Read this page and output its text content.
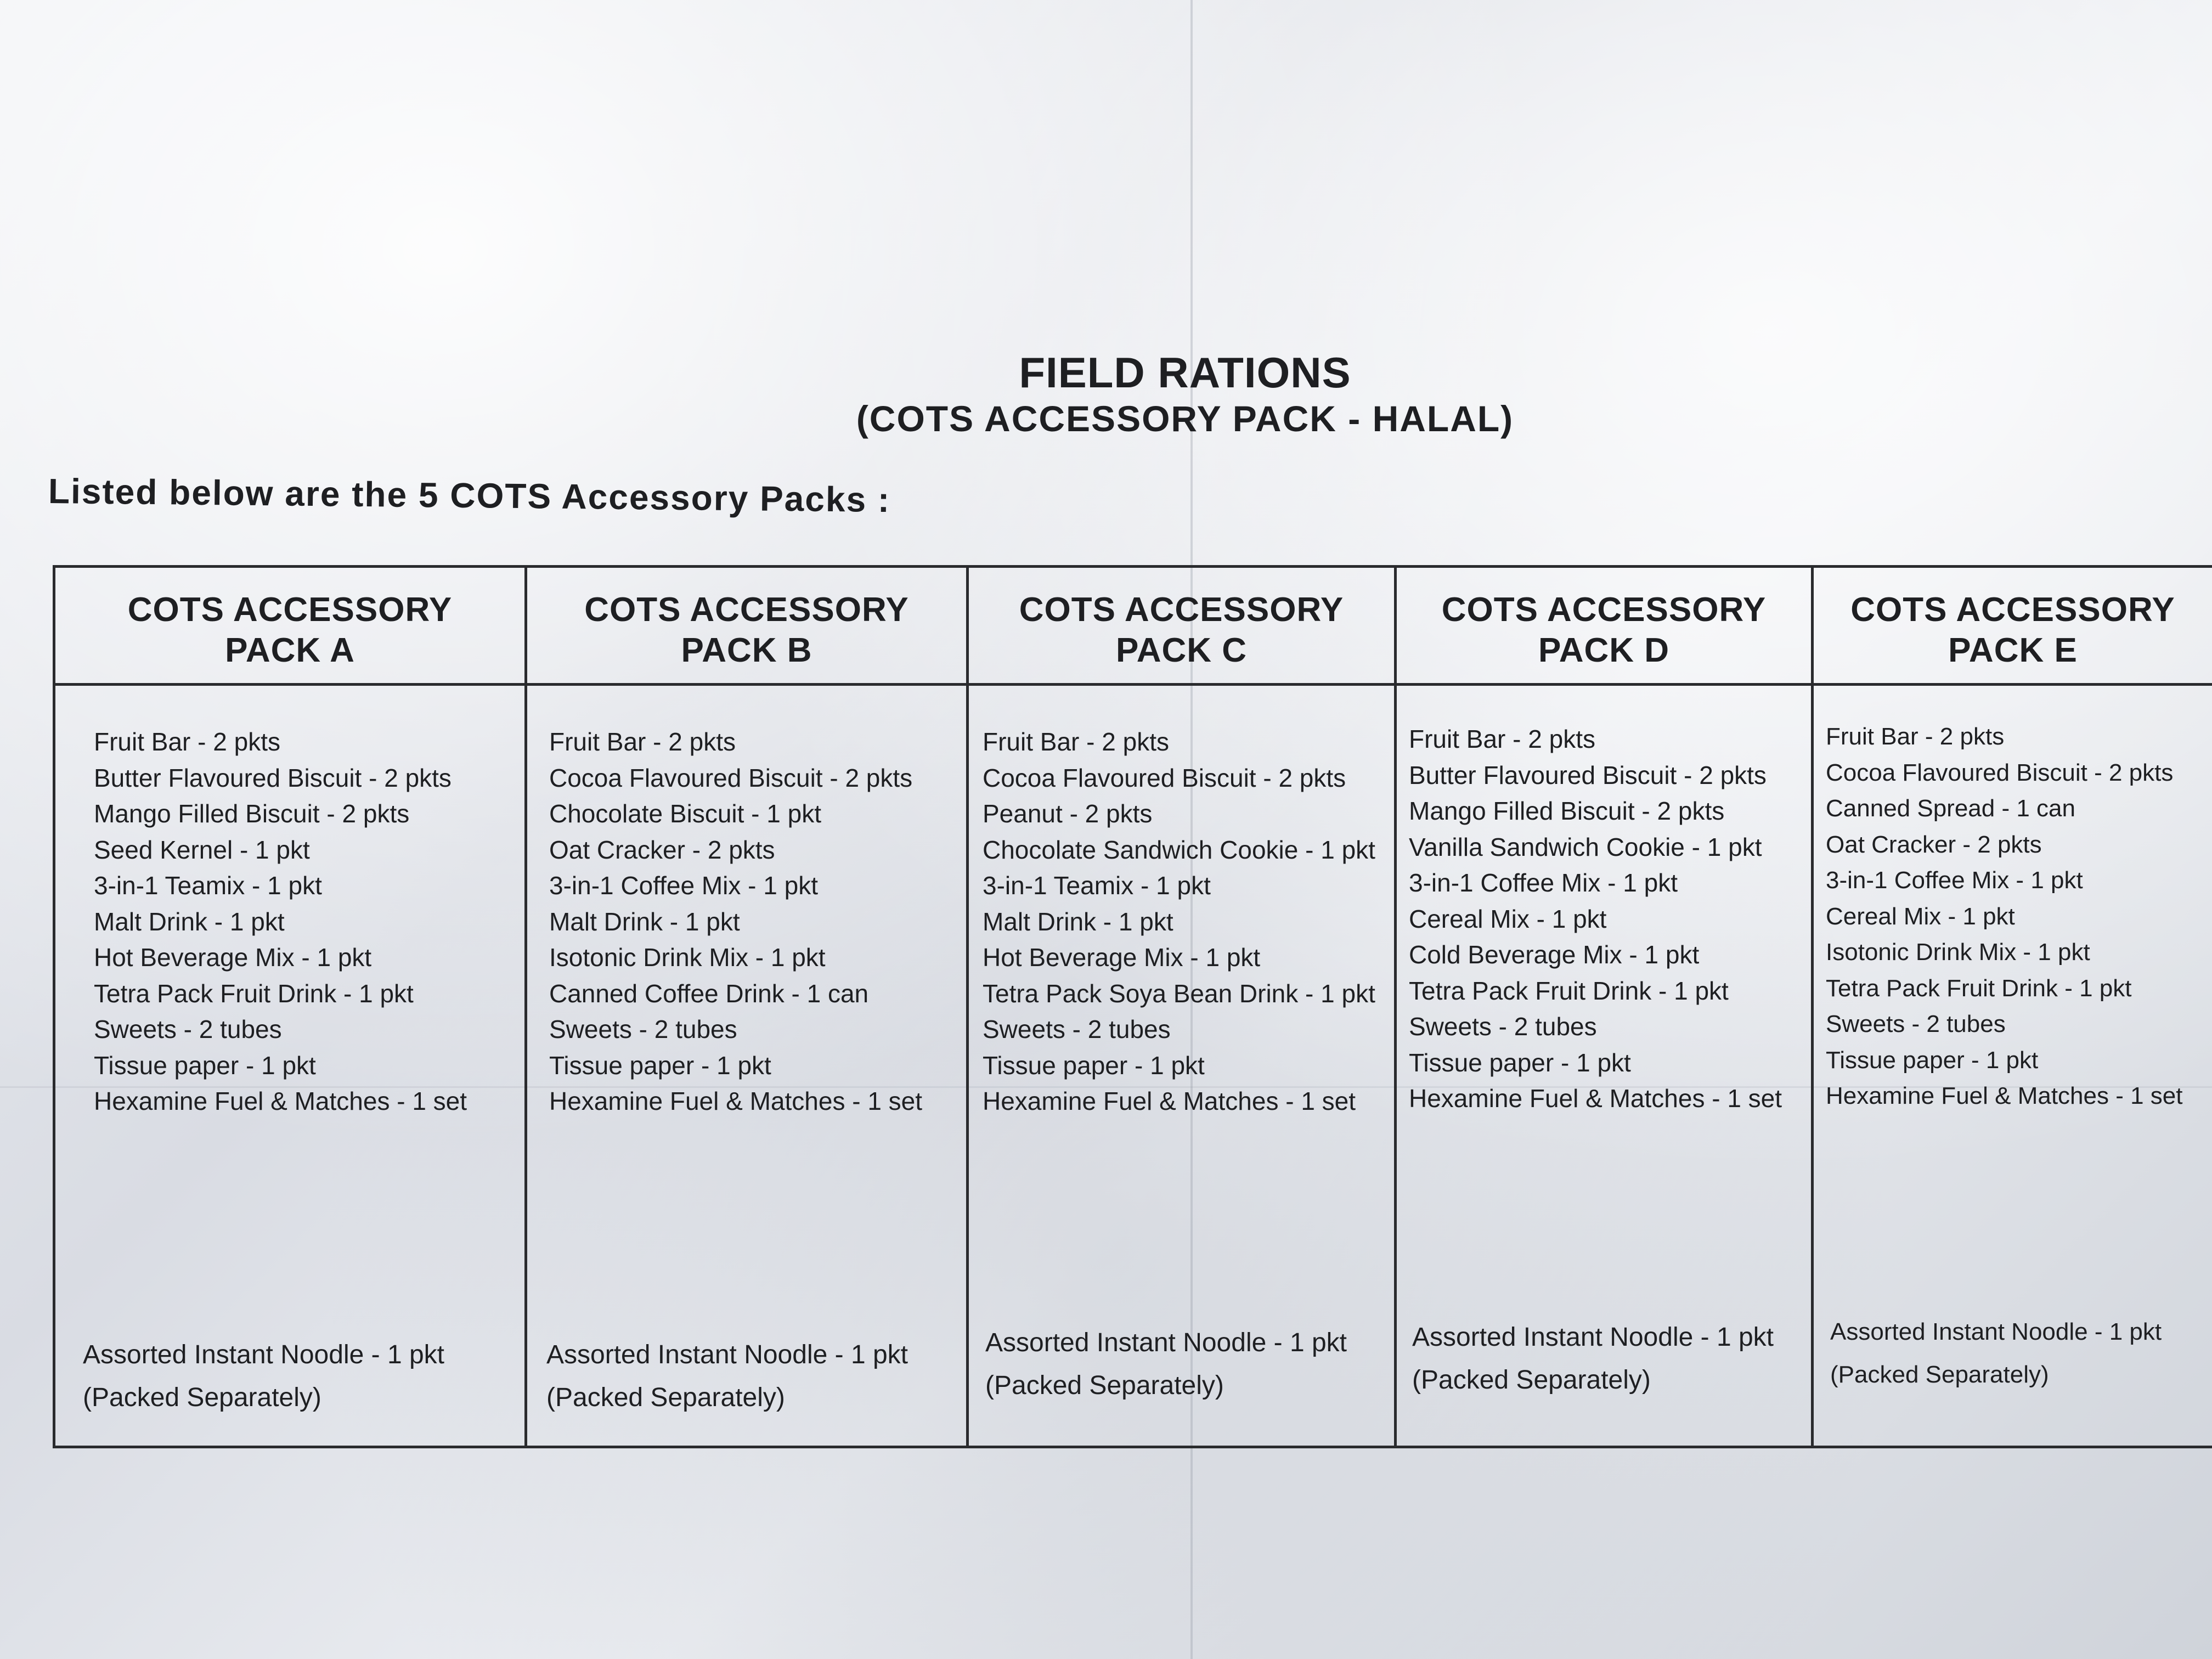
FIELD RATIONS
(COTS ACCESSORY PACK - HALAL)
Listed below are the 5 COTS Accessory Packs :
COTS ACCESSORY
PACK A
Fruit Bar - 2 pkts
Butter Flavoured Biscuit - 2 pkts
Mango Filled Biscuit - 2 pkts
Seed Kernel - 1 pkt
3-in-1 Teamix - 1 pkt
Malt Drink - 1 pkt
Hot Beverage Mix - 1 pkt
Tetra Pack Fruit Drink - 1 pkt
Sweets - 2 tubes
Tissue paper - 1 pkt
Hexamine Fuel & Matches - 1 set
Assorted Instant Noodle - 1 pkt
(Packed Separately)
COTS ACCESSORY
PACK B
Fruit Bar - 2 pkts
Cocoa Flavoured Biscuit - 2 pkts
Chocolate Biscuit - 1 pkt
Oat Cracker - 2 pkts
3-in-1 Coffee Mix - 1 pkt
Malt Drink - 1 pkt
Isotonic Drink Mix - 1 pkt
Canned Coffee Drink - 1 can
Sweets - 2 tubes
Tissue paper - 1 pkt
Hexamine Fuel & Matches - 1 set
Assorted Instant Noodle - 1 pkt
(Packed Separately)
COTS ACCESSORY
PACK C
Fruit Bar - 2 pkts
Cocoa Flavoured Biscuit - 2 pkts
Peanut - 2 pkts
Chocolate Sandwich Cookie - 1 pkt
3-in-1 Teamix - 1 pkt
Malt Drink - 1 pkt
Hot Beverage Mix - 1 pkt
Tetra Pack Soya Bean Drink - 1 pkt
Sweets - 2 tubes
Tissue paper - 1 pkt
Hexamine Fuel & Matches - 1 set
Assorted Instant Noodle - 1 pkt
(Packed Separately)
COTS ACCESSORY
PACK D
Fruit Bar - 2 pkts
Butter Flavoured Biscuit - 2 pkts
Mango Filled Biscuit - 2 pkts
Vanilla Sandwich Cookie - 1 pkt
3-in-1 Coffee Mix - 1 pkt
Cereal Mix - 1 pkt
Cold Beverage Mix - 1 pkt
Tetra Pack Fruit Drink - 1 pkt
Sweets - 2 tubes
Tissue paper - 1 pkt
Hexamine Fuel & Matches - 1 set
Assorted Instant Noodle - 1 pkt
(Packed Separately)
COTS ACCESSORY
PACK E
Fruit Bar - 2 pkts
Cocoa Flavoured Biscuit - 2 pkts
Canned Spread - 1 can
Oat Cracker - 2 pkts
3-in-1 Coffee Mix - 1 pkt
Cereal Mix - 1 pkt
Isotonic Drink Mix - 1 pkt
Tetra Pack Fruit Drink - 1 pkt
Sweets - 2 tubes
Tissue paper - 1 pkt
Hexamine Fuel & Matches - 1 set
Assorted Instant Noodle - 1 pkt
(Packed Separately)
